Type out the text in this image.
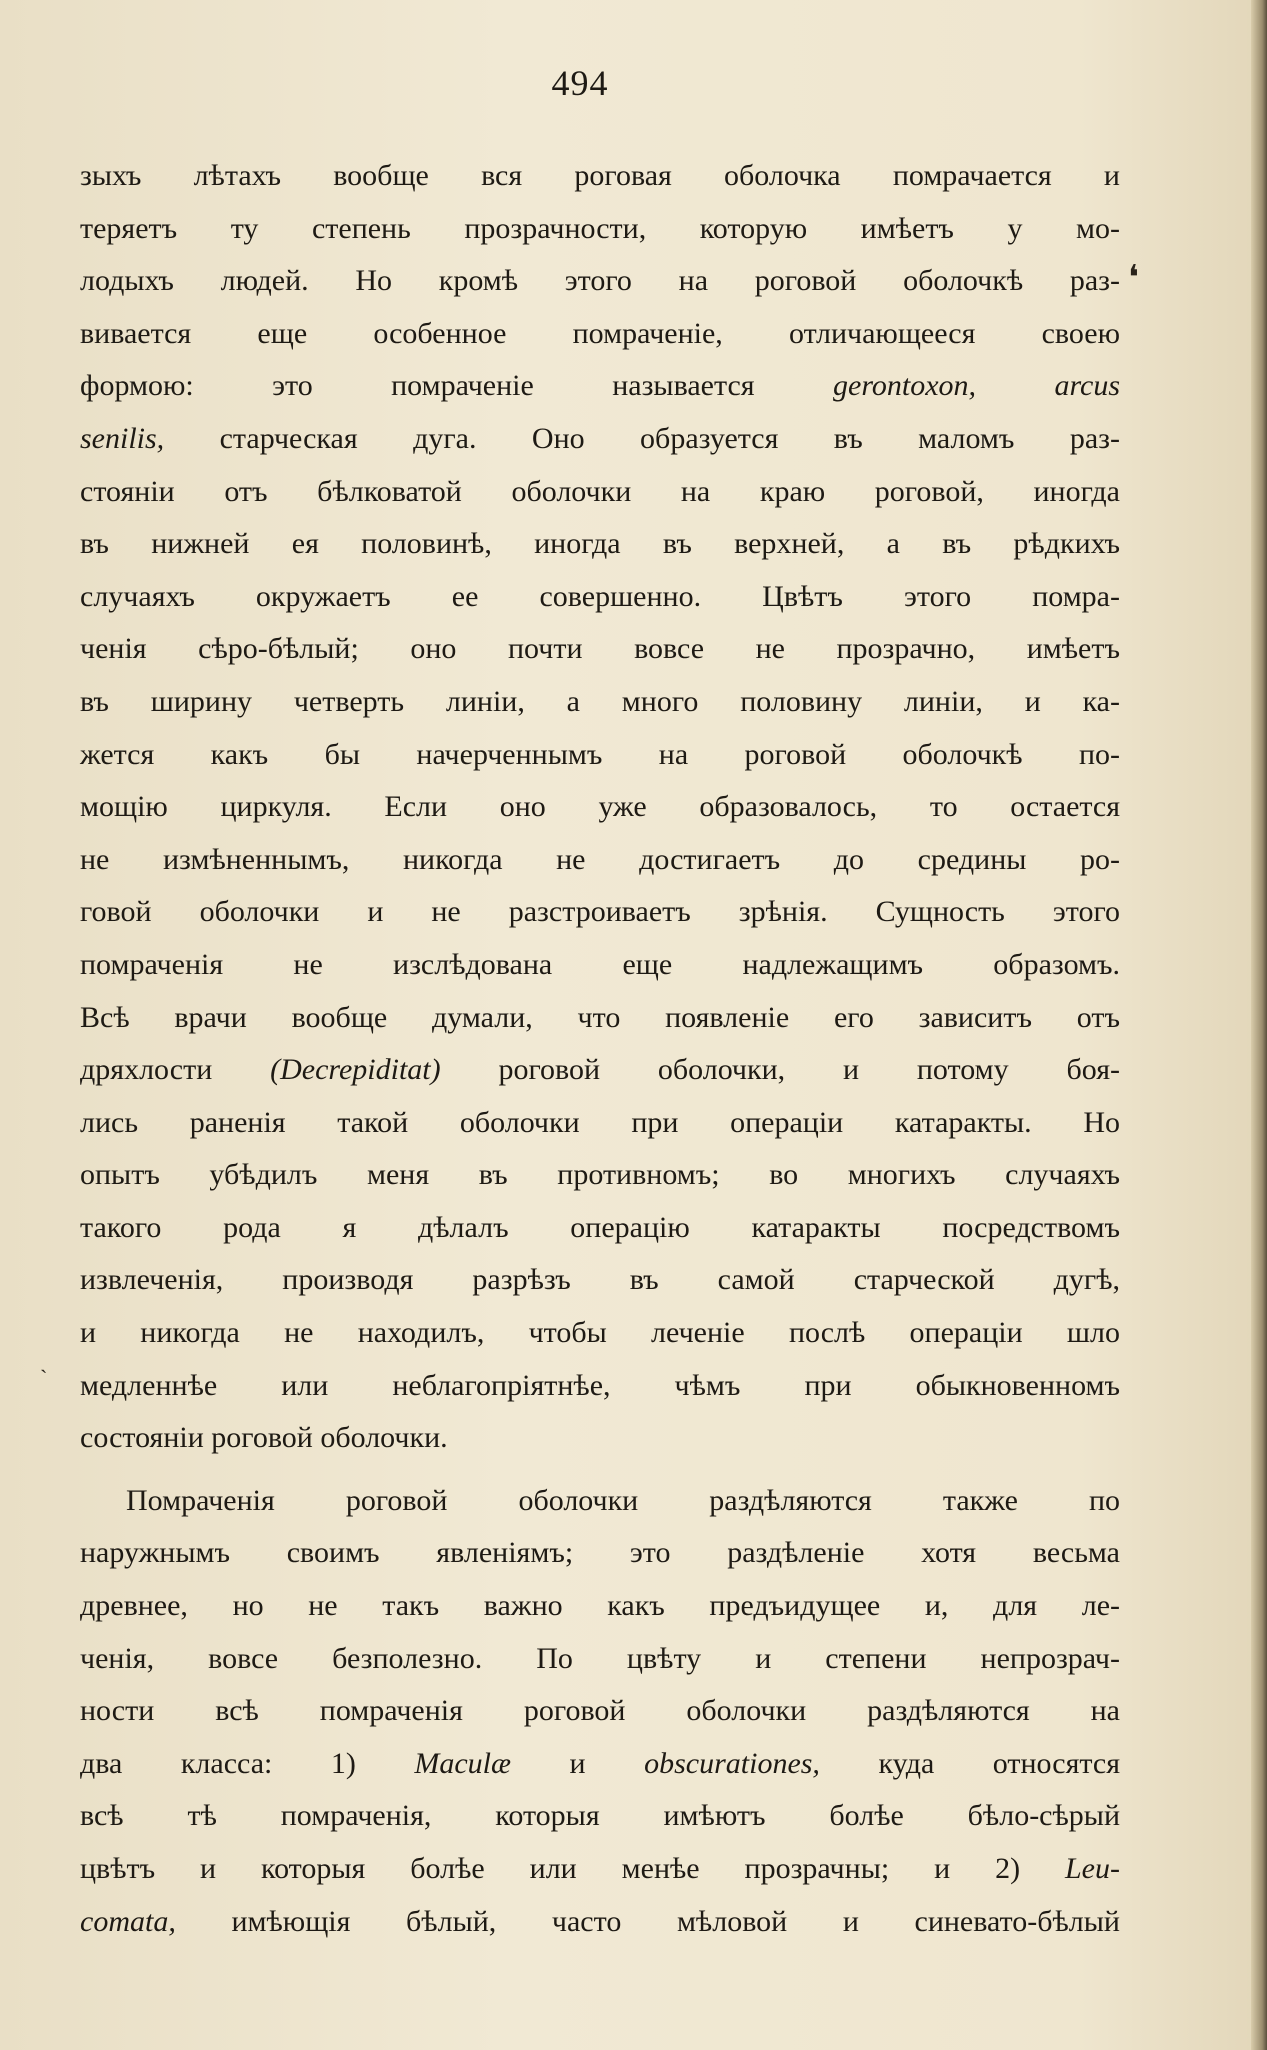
494
❛
ˎ
зыхъ лѣтахъ вообще вся роговая оболочка помрачается и
теряетъ ту степень прозрачности, которую имѣетъ у мо-
лодыхъ людей. Но кромѣ этого на роговой оболочкѣ раз-
вивается еще особенное помраченіе, отличающееся своею
формою: это помраченіе называется gerontoxon,	arcus
senilis, старческая дуга. Оно образуется въ маломъ раз-
стояніи отъ бѣлковатой оболочки на краю роговой, иногда
въ нижней ея половинѣ, иногда въ верхней, а въ рѣдкихъ
случаяхъ окружаетъ ее совершенно. Цвѣтъ этого помра-
ченія сѣро-бѣлый; оно почти вовсе не прозрачно, имѣетъ
въ ширину четверть линіи, а много половину линіи, и ка-
жется какъ бы начерченнымъ на роговой оболочкѣ по-
мощію циркуля. Если оно уже образовалось, то остается
не измѣненнымъ, никогда не достигаетъ до средины ро-
говой оболочки и не разстроиваетъ зрѣнія. Сущность этого
помраченія не изслѣдована еще надлежащимъ образомъ.
Всѣ врачи вообще думали, что появленіе его зависитъ отъ
дряхлости (Decrepiditat) роговой оболочки, и потому боя-
лись раненія такой оболочки при операціи катаракты. Но
опытъ убѣдилъ меня въ противномъ; во многихъ случаяхъ
такого рода я дѣлалъ операцію катаракты посредствомъ
извлеченія, производя разрѣзъ въ самой старческой дугѣ,
и никогда не находилъ, чтобы леченіе послѣ операціи шло
медленнѣе или неблагопріятнѣе, чѣмъ при обыкновенномъ
состояніи роговой оболочки.
Помраченія роговой оболочки раздѣляются также по
наружнымъ своимъ явленіямъ; это раздѣленіе хотя весьма
древнее, но не такъ важно какъ предъидущее и, для ле-
ченія, вовсе безполезно. По цвѣту и степени непрозрач-
ности всѣ помраченія роговой оболочки раздѣляются на
два класса: 1) Maculæ и obscurationes, куда относятся
всѣ тѣ помраченія, которыя имѣютъ болѣе бѣло-сѣрый
цвѣтъ и которыя болѣе или менѣе прозрачны; и 2) Leu-
comata, имѣющія бѣлый, часто мѣловой и синевато-бѣлый
